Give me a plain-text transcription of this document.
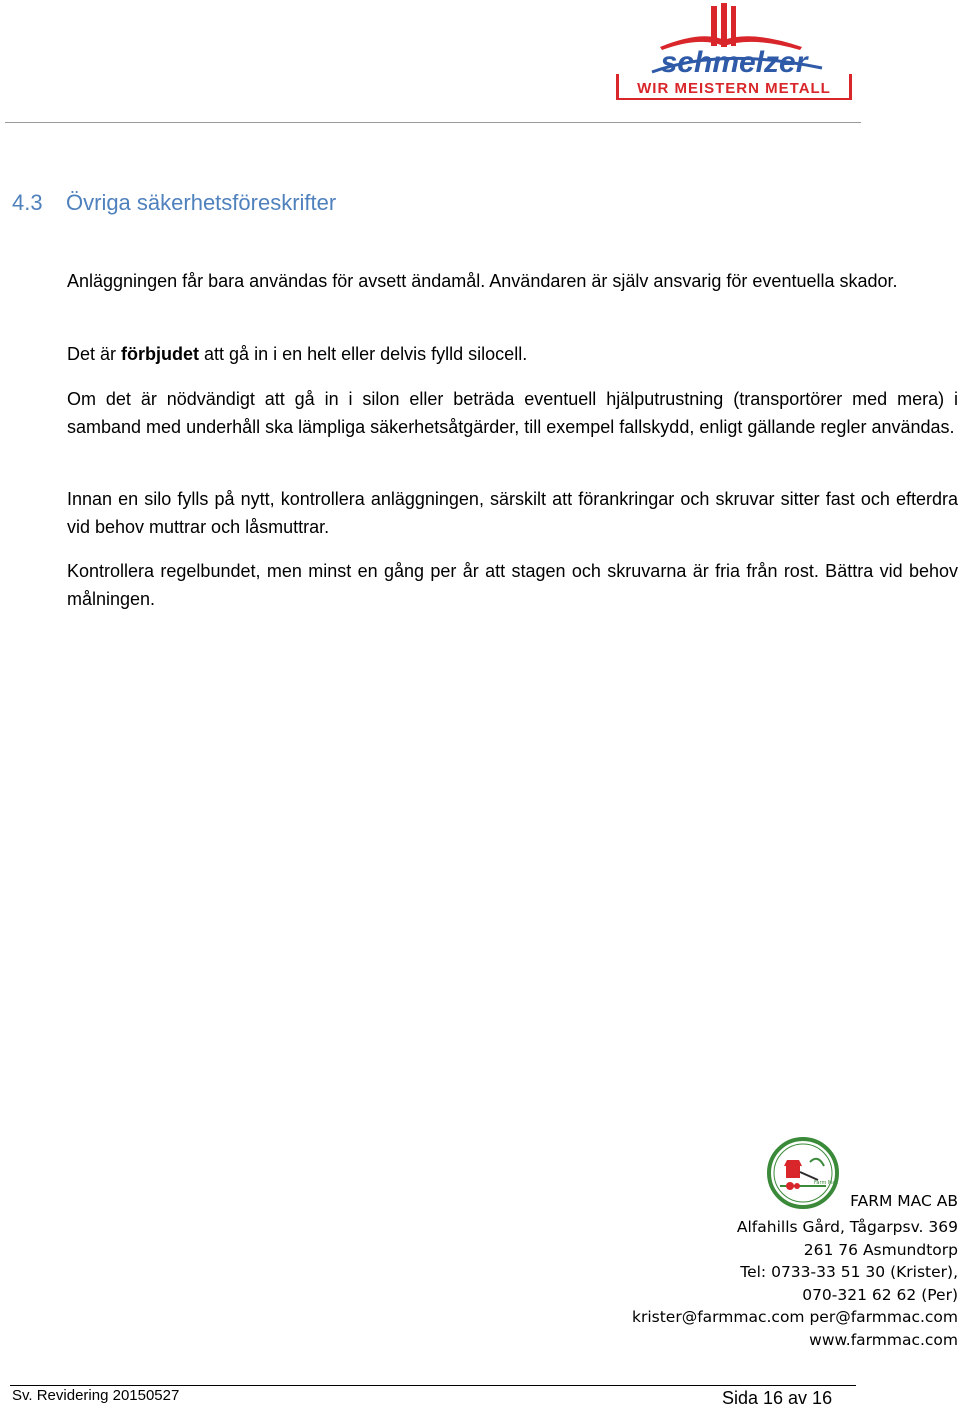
schmelzer
WIR MEISTERN METALL
4.3 Övriga säkerhetsföreskrifter

Anläggningen får bara användas för avsett ändamål. Användaren är själv ansvarig för eventuella skador.

Det är förbjudet att gå in i en helt eller delvis fylld silocell.

Om det är nödvändigt att gå in i silon eller beträda eventuell hjälputrustning (transportörer med mera) i samband med underhåll ska lämpliga säkerhetsåtgärder, till exempel fallskydd, enligt gällande regler användas.

Innan en silo fylls på nytt, kontrollera anläggningen, särskilt att förankringar och skruvar sitter fast och efterdra vid behov muttrar och låsmuttrar.

Kontrollera regelbundet, men minst en gång per år att stagen och skruvarna är fria från rost. Bättra vid behov målningen.

Farm Mac
FARM MAC AB
Alfahills Gård, Tågarpsv. 369
261 76 Asmundtorp
Tel: 0733-33 51 30 (Krister),
070-321 62 62 (Per)
krister@farmmac.com per@farmmac.com
www.farmmac.com
Sv. Revidering 20150527	Sida 16 av 16
